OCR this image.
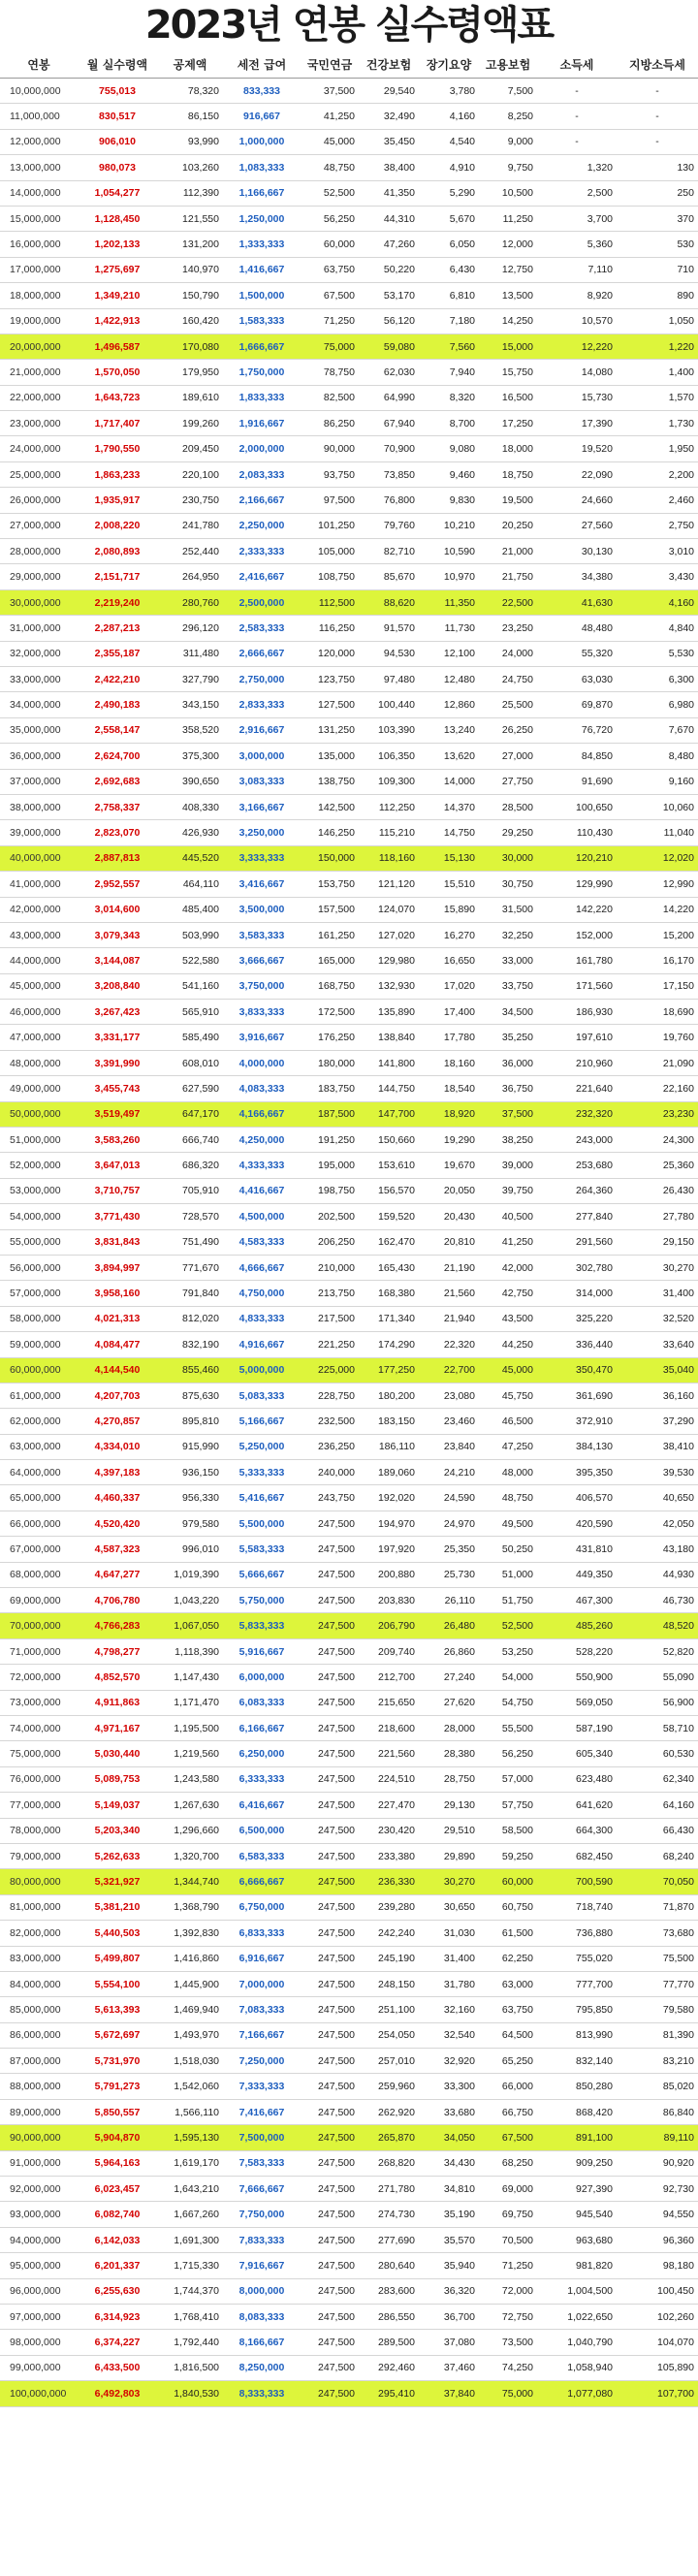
2023년 연봉 실수령액표
연봉	월 실수령액	공제액	세전 급여	국민연금	건강보험	장기요양	고용보험	소득세	지방소득세
10,000,000	755,013	78,320	833,333	37,500	29,540	3,780	7,500	-	-
11,000,000	830,517	86,150	916,667	41,250	32,490	4,160	8,250	-	-
12,000,000	906,010	93,990	1,000,000	45,000	35,450	4,540	9,000	-	-
13,000,000	980,073	103,260	1,083,333	48,750	38,400	4,910	9,750	1,320	130
14,000,000	1,054,277	112,390	1,166,667	52,500	41,350	5,290	10,500	2,500	250
15,000,000	1,128,450	121,550	1,250,000	56,250	44,310	5,670	11,250	3,700	370
16,000,000	1,202,133	131,200	1,333,333	60,000	47,260	6,050	12,000	5,360	530
17,000,000	1,275,697	140,970	1,416,667	63,750	50,220	6,430	12,750	7,110	710
18,000,000	1,349,210	150,790	1,500,000	67,500	53,170	6,810	13,500	8,920	890
19,000,000	1,422,913	160,420	1,583,333	71,250	56,120	7,180	14,250	10,570	1,050
20,000,000	1,496,587	170,080	1,666,667	75,000	59,080	7,560	15,000	12,220	1,220
21,000,000	1,570,050	179,950	1,750,000	78,750	62,030	7,940	15,750	14,080	1,400
22,000,000	1,643,723	189,610	1,833,333	82,500	64,990	8,320	16,500	15,730	1,570
23,000,000	1,717,407	199,260	1,916,667	86,250	67,940	8,700	17,250	17,390	1,730
24,000,000	1,790,550	209,450	2,000,000	90,000	70,900	9,080	18,000	19,520	1,950
25,000,000	1,863,233	220,100	2,083,333	93,750	73,850	9,460	18,750	22,090	2,200
26,000,000	1,935,917	230,750	2,166,667	97,500	76,800	9,830	19,500	24,660	2,460
27,000,000	2,008,220	241,780	2,250,000	101,250	79,760	10,210	20,250	27,560	2,750
28,000,000	2,080,893	252,440	2,333,333	105,000	82,710	10,590	21,000	30,130	3,010
29,000,000	2,151,717	264,950	2,416,667	108,750	85,670	10,970	21,750	34,380	3,430
30,000,000	2,219,240	280,760	2,500,000	112,500	88,620	11,350	22,500	41,630	4,160
31,000,000	2,287,213	296,120	2,583,333	116,250	91,570	11,730	23,250	48,480	4,840
32,000,000	2,355,187	311,480	2,666,667	120,000	94,530	12,100	24,000	55,320	5,530
33,000,000	2,422,210	327,790	2,750,000	123,750	97,480	12,480	24,750	63,030	6,300
34,000,000	2,490,183	343,150	2,833,333	127,500	100,440	12,860	25,500	69,870	6,980
35,000,000	2,558,147	358,520	2,916,667	131,250	103,390	13,240	26,250	76,720	7,670
36,000,000	2,624,700	375,300	3,000,000	135,000	106,350	13,620	27,000	84,850	8,480
37,000,000	2,692,683	390,650	3,083,333	138,750	109,300	14,000	27,750	91,690	9,160
38,000,000	2,758,337	408,330	3,166,667	142,500	112,250	14,370	28,500	100,650	10,060
39,000,000	2,823,070	426,930	3,250,000	146,250	115,210	14,750	29,250	110,430	11,040
40,000,000	2,887,813	445,520	3,333,333	150,000	118,160	15,130	30,000	120,210	12,020
41,000,000	2,952,557	464,110	3,416,667	153,750	121,120	15,510	30,750	129,990	12,990
42,000,000	3,014,600	485,400	3,500,000	157,500	124,070	15,890	31,500	142,220	14,220
43,000,000	3,079,343	503,990	3,583,333	161,250	127,020	16,270	32,250	152,000	15,200
44,000,000	3,144,087	522,580	3,666,667	165,000	129,980	16,650	33,000	161,780	16,170
45,000,000	3,208,840	541,160	3,750,000	168,750	132,930	17,020	33,750	171,560	17,150
46,000,000	3,267,423	565,910	3,833,333	172,500	135,890	17,400	34,500	186,930	18,690
47,000,000	3,331,177	585,490	3,916,667	176,250	138,840	17,780	35,250	197,610	19,760
48,000,000	3,391,990	608,010	4,000,000	180,000	141,800	18,160	36,000	210,960	21,090
49,000,000	3,455,743	627,590	4,083,333	183,750	144,750	18,540	36,750	221,640	22,160
50,000,000	3,519,497	647,170	4,166,667	187,500	147,700	18,920	37,500	232,320	23,230
51,000,000	3,583,260	666,740	4,250,000	191,250	150,660	19,290	38,250	243,000	24,300
52,000,000	3,647,013	686,320	4,333,333	195,000	153,610	19,670	39,000	253,680	25,360
53,000,000	3,710,757	705,910	4,416,667	198,750	156,570	20,050	39,750	264,360	26,430
54,000,000	3,771,430	728,570	4,500,000	202,500	159,520	20,430	40,500	277,840	27,780
55,000,000	3,831,843	751,490	4,583,333	206,250	162,470	20,810	41,250	291,560	29,150
56,000,000	3,894,997	771,670	4,666,667	210,000	165,430	21,190	42,000	302,780	30,270
57,000,000	3,958,160	791,840	4,750,000	213,750	168,380	21,560	42,750	314,000	31,400
58,000,000	4,021,313	812,020	4,833,333	217,500	171,340	21,940	43,500	325,220	32,520
59,000,000	4,084,477	832,190	4,916,667	221,250	174,290	22,320	44,250	336,440	33,640
60,000,000	4,144,540	855,460	5,000,000	225,000	177,250	22,700	45,000	350,470	35,040
61,000,000	4,207,703	875,630	5,083,333	228,750	180,200	23,080	45,750	361,690	36,160
62,000,000	4,270,857	895,810	5,166,667	232,500	183,150	23,460	46,500	372,910	37,290
63,000,000	4,334,010	915,990	5,250,000	236,250	186,110	23,840	47,250	384,130	38,410
64,000,000	4,397,183	936,150	5,333,333	240,000	189,060	24,210	48,000	395,350	39,530
65,000,000	4,460,337	956,330	5,416,667	243,750	192,020	24,590	48,750	406,570	40,650
66,000,000	4,520,420	979,580	5,500,000	247,500	194,970	24,970	49,500	420,590	42,050
67,000,000	4,587,323	996,010	5,583,333	247,500	197,920	25,350	50,250	431,810	43,180
68,000,000	4,647,277	1,019,390	5,666,667	247,500	200,880	25,730	51,000	449,350	44,930
69,000,000	4,706,780	1,043,220	5,750,000	247,500	203,830	26,110	51,750	467,300	46,730
70,000,000	4,766,283	1,067,050	5,833,333	247,500	206,790	26,480	52,500	485,260	48,520
71,000,000	4,798,277	1,118,390	5,916,667	247,500	209,740	26,860	53,250	528,220	52,820
72,000,000	4,852,570	1,147,430	6,000,000	247,500	212,700	27,240	54,000	550,900	55,090
73,000,000	4,911,863	1,171,470	6,083,333	247,500	215,650	27,620	54,750	569,050	56,900
74,000,000	4,971,167	1,195,500	6,166,667	247,500	218,600	28,000	55,500	587,190	58,710
75,000,000	5,030,440	1,219,560	6,250,000	247,500	221,560	28,380	56,250	605,340	60,530
76,000,000	5,089,753	1,243,580	6,333,333	247,500	224,510	28,750	57,000	623,480	62,340
77,000,000	5,149,037	1,267,630	6,416,667	247,500	227,470	29,130	57,750	641,620	64,160
78,000,000	5,203,340	1,296,660	6,500,000	247,500	230,420	29,510	58,500	664,300	66,430
79,000,000	5,262,633	1,320,700	6,583,333	247,500	233,380	29,890	59,250	682,450	68,240
80,000,000	5,321,927	1,344,740	6,666,667	247,500	236,330	30,270	60,000	700,590	70,050
81,000,000	5,381,210	1,368,790	6,750,000	247,500	239,280	30,650	60,750	718,740	71,870
82,000,000	5,440,503	1,392,830	6,833,333	247,500	242,240	31,030	61,500	736,880	73,680
83,000,000	5,499,807	1,416,860	6,916,667	247,500	245,190	31,400	62,250	755,020	75,500
84,000,000	5,554,100	1,445,900	7,000,000	247,500	248,150	31,780	63,000	777,700	77,770
85,000,000	5,613,393	1,469,940	7,083,333	247,500	251,100	32,160	63,750	795,850	79,580
86,000,000	5,672,697	1,493,970	7,166,667	247,500	254,050	32,540	64,500	813,990	81,390
87,000,000	5,731,970	1,518,030	7,250,000	247,500	257,010	32,920	65,250	832,140	83,210
88,000,000	5,791,273	1,542,060	7,333,333	247,500	259,960	33,300	66,000	850,280	85,020
89,000,000	5,850,557	1,566,110	7,416,667	247,500	262,920	33,680	66,750	868,420	86,840
90,000,000	5,904,870	1,595,130	7,500,000	247,500	265,870	34,050	67,500	891,100	89,110
91,000,000	5,964,163	1,619,170	7,583,333	247,500	268,820	34,430	68,250	909,250	90,920
92,000,000	6,023,457	1,643,210	7,666,667	247,500	271,780	34,810	69,000	927,390	92,730
93,000,000	6,082,740	1,667,260	7,750,000	247,500	274,730	35,190	69,750	945,540	94,550
94,000,000	6,142,033	1,691,300	7,833,333	247,500	277,690	35,570	70,500	963,680	96,360
95,000,000	6,201,337	1,715,330	7,916,667	247,500	280,640	35,940	71,250	981,820	98,180
96,000,000	6,255,630	1,744,370	8,000,000	247,500	283,600	36,320	72,000	1,004,500	100,450
97,000,000	6,314,923	1,768,410	8,083,333	247,500	286,550	36,700	72,750	1,022,650	102,260
98,000,000	6,374,227	1,792,440	8,166,667	247,500	289,500	37,080	73,500	1,040,790	104,070
99,000,000	6,433,500	1,816,500	8,250,000	247,500	292,460	37,460	74,250	1,058,940	105,890
100,000,000	6,492,803	1,840,530	8,333,333	247,500	295,410	37,840	75,000	1,077,080	107,700
